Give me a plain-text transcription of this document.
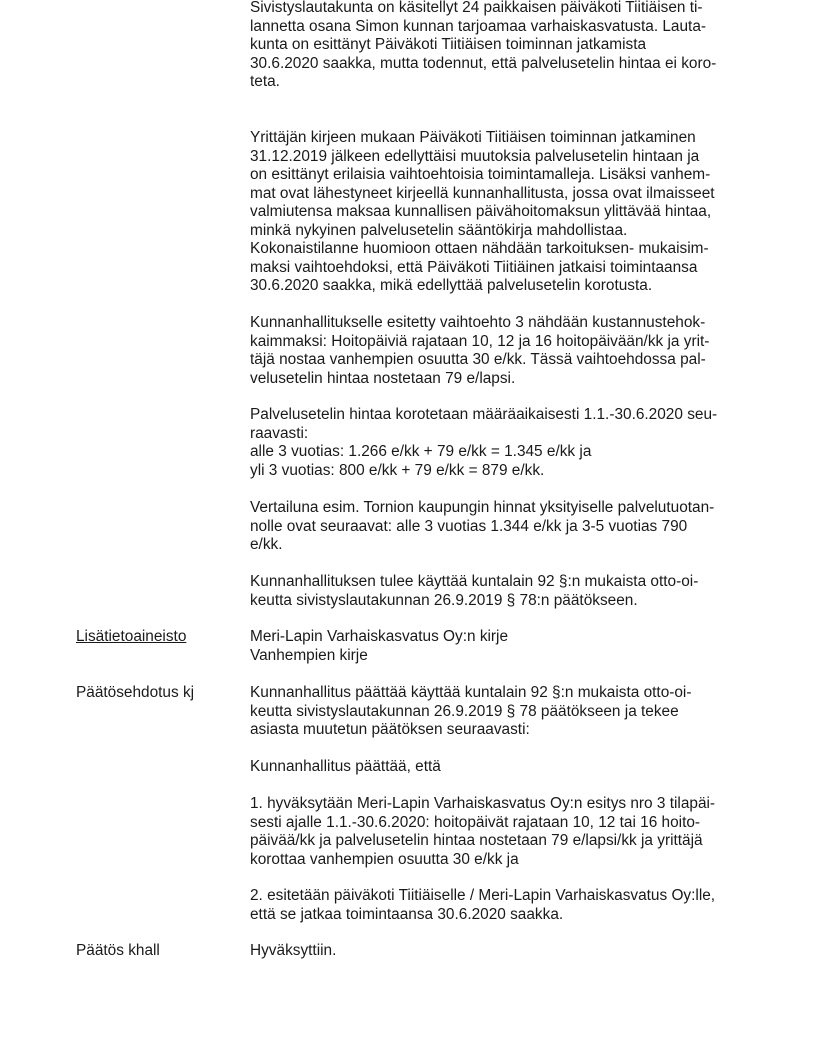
Sivistyslautakunta on käsitellyt 24 paikkaisen päiväkoti Tiitiäisen ti-
lannetta osana Simon kunnan tarjoamaa varhaiskasvatusta. Lauta-
kunta on esittänyt Päiväkoti Tiitiäisen toiminnan jatkamista
30.6.2020 saakka, mutta todennut, että palvelusetelin hintaa ei koro-
teta.
Yrittäjän kirjeen mukaan Päiväkoti Tiitiäisen toiminnan jatkaminen
31.12.2019 jälkeen edellyttäisi muutoksia palvelusetelin hintaan ja
on esittänyt erilaisia vaihtoehtoisia toimintamalleja. Lisäksi vanhem-
mat ovat lähestyneet kirjeellä kunnanhallitusta, jossa ovat ilmaisseet
valmiutensa maksaa kunnallisen päivähoitomaksun ylittävää hintaa,
minkä nykyinen palvelusetelin sääntökirja mahdollistaa.
Kokonaistilanne huomioon ottaen nähdään tarkoituksen- mukaisim-
maksi vaihtoehdoksi, että Päiväkoti Tiitiäinen jatkaisi toimintaansa
30.6.2020 saakka, mikä edellyttää palvelusetelin korotusta.
Kunnanhallitukselle esitetty vaihtoehto 3 nähdään kustannustehok-
kaimmaksi: Hoitopäiviä rajataan 10, 12 ja 16 hoitopäivään/kk ja yrit-
täjä nostaa vanhempien osuutta 30 e/kk. Tässä vaihtoehdossa pal-
velusetelin hintaa nostetaan 79 e/lapsi.
Palvelusetelin hintaa korotetaan määräaikaisesti 1.1.-30.6.2020 seu-
raavasti:
alle 3 vuotias: 1.266 e/kk + 79 e/kk = 1.345 e/kk ja
yli 3 vuotias: 800 e/kk + 79 e/kk = 879 e/kk.
Vertailuna esim. Tornion kaupungin hinnat yksityiselle palvelutuotan-
nolle ovat seuraavat: alle 3 vuotias 1.344 e/kk ja 3-5 vuotias 790
e/kk.
Kunnanhallituksen tulee käyttää kuntalain 92 §:n mukaista otto-oi-
keutta sivistyslautakunnan 26.9.2019 § 78:n päätökseen.
Lisätietoaineisto	Meri-Lapin Varhaiskasvatus Oy:n kirje
Vanhempien kirje
Päätösehdotus kj	Kunnanhallitus päättää käyttää kuntalain 92 §:n mukaista otto-oi-
keutta sivistyslautakunnan 26.9.2019 § 78 päätökseen ja tekee
asiasta muutetun päätöksen seuraavasti:
Kunnanhallitus päättää, että
1. hyväksytään Meri-Lapin Varhaiskasvatus Oy:n esitys nro 3 tilapäi-
sesti ajalle 1.1.-30.6.2020: hoitopäivät rajataan 10, 12 tai 16 hoito-
päivää/kk ja palvelusetelin hintaa nostetaan 79 e/lapsi/kk ja yrittäjä
korottaa vanhempien osuutta 30 e/kk ja
2. esitetään päiväkoti Tiitiäiselle / Meri-Lapin Varhaiskasvatus Oy:lle,
että se jatkaa toimintaansa 30.6.2020 saakka.
Päätös khall	Hyväksyttiin.
